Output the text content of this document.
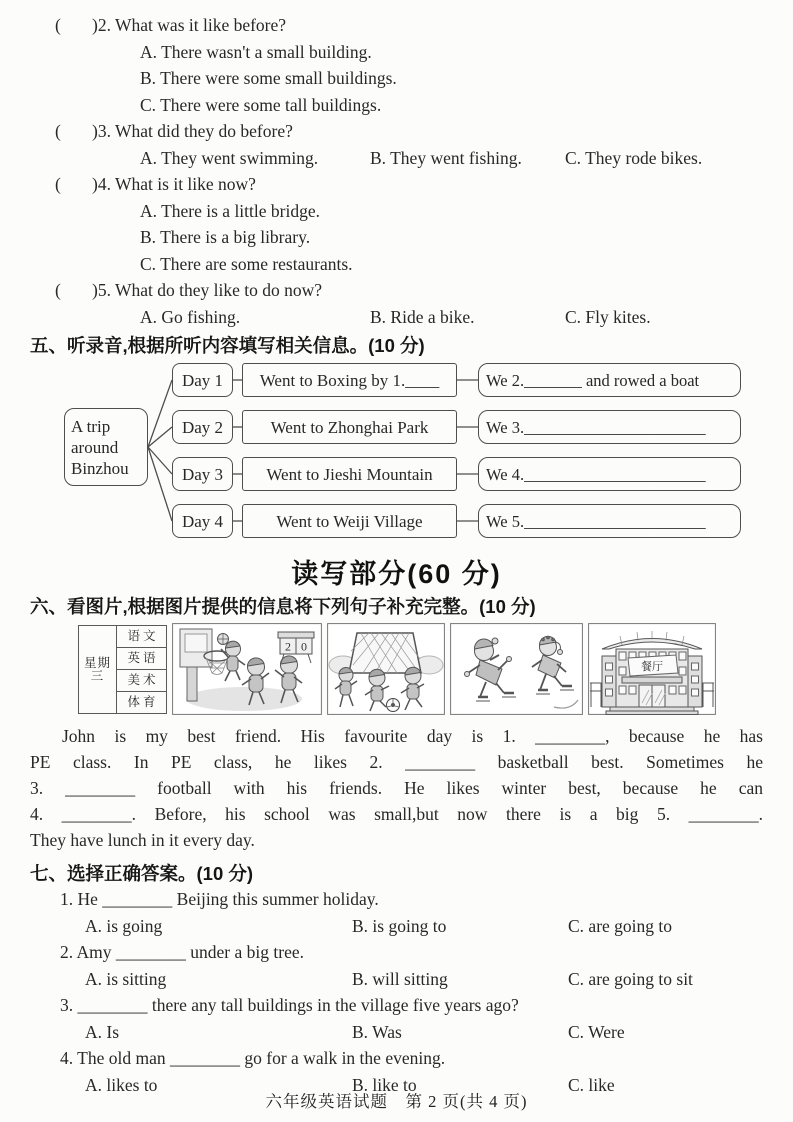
( )2. What was it like before?
A. There wasn't a small building.
B. There were some small buildings.
C. There were some tall buildings.
( )3. What did they do before?
A. They went swimming.	B. They went fishing.	C. They rode bikes.
( )4. What is it like now?
A. There is a little bridge.
B. There is a big library.
C. There are some restaurants.
( )5. What do they like to do now?
A. Go fishing.	B. Ride a bike.	C. Fly kites.
五、听录音,根据所听内容填写相关信息。(10 分)
A trip around Binzhou
Day 1	Went to Boxing by 1.____	We 2._______ and rowed a boat
Day 2	Went to Zhonghai Park	We 3.______________________
Day 3	Went to Jieshi Mountain	We 4.______________________
Day 4	Went to Weiji Village	We 5.______________________
读写部分(60 分)
六、看图片,根据图片提供的信息将下列句子补充完整。(10 分)
星期三	语文
英语
美术
体育
2 0
餐厅
John is my best friend. His favourite day is 1. ________, because he has
PE class. In PE class, he likes 2. ________ basketball best. Sometimes he
3. ________ football with his friends. He likes winter best, because he can
4. ________. Before, his school was small,but now there is a big 5. ________.
They have lunch in it every day.
七、选择正确答案。(10 分)
1. He ________ Beijing this summer holiday.
A. is going	B. is going to	C. are going to
2. Amy ________ under a big tree.
A. is sitting	B. will sitting	C. are going to sit
3. ________ there any tall buildings in the village five years ago?
A. Is	B. Was	C. Were
4. The old man ________ go for a walk in the evening.
A. likes to	B. like to	C. like
六年级英语试题　第 2 页(共 4 页)
